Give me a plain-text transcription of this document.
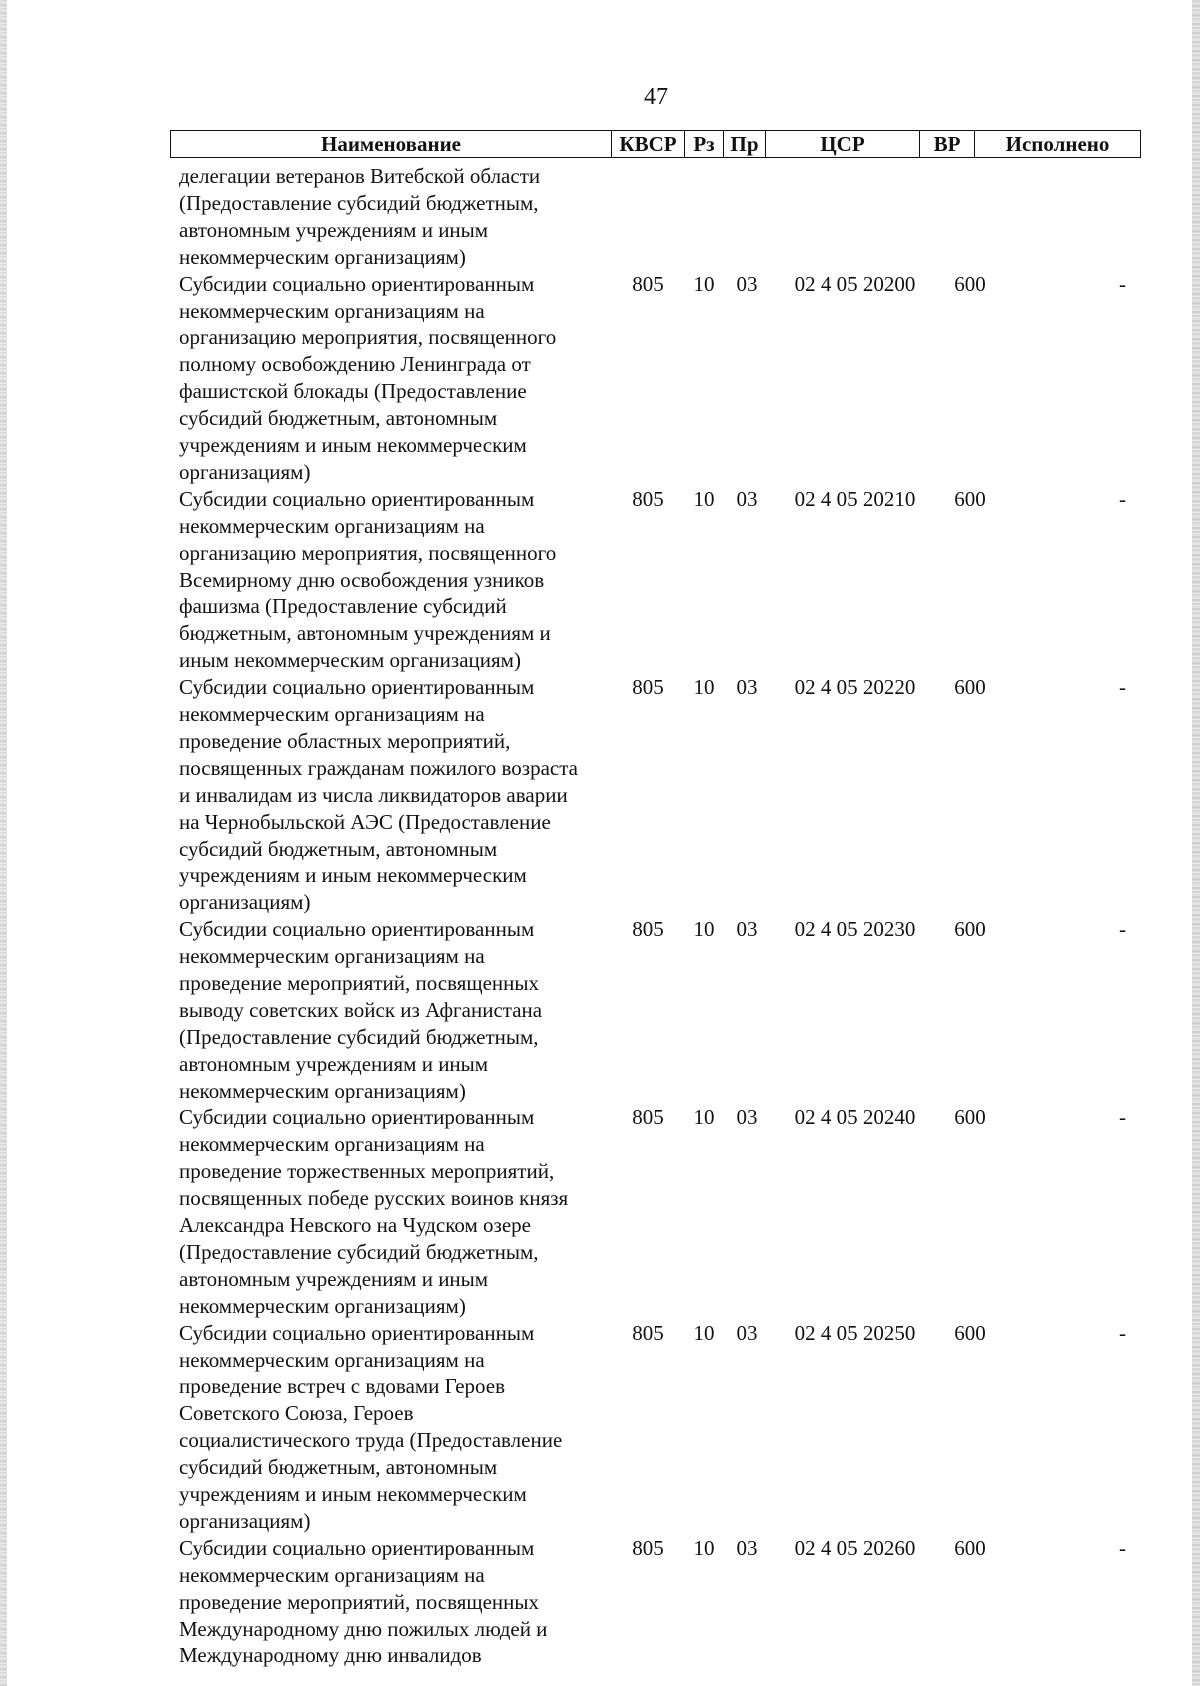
47
Наименование	КВСР Рз Пр	ЦСР	ВР	Исполнено
делегации ветеранов Витебской области
(Предоставление субсидий бюджетным,
автономным учреждениям и иным
некоммерческим организациям)
Субсидии социально ориентированным
некоммерческим организациям на
организацию мероприятия, посвященного
полному освобождению Ленинграда от
фашистской блокады (Предоставление
субсидий бюджетным, автономным
учреждениям и иным некоммерческим
организациям)
805 10 03	02 4 05 20200	600	-
Субсидии социально ориентированным
некоммерческим организациям на
организацию мероприятия, посвященного
Всемирному дню освобождения узников
фашизма (Предоставление субсидий
бюджетным, автономным учреждениям и
иным некоммерческим организациям)
805 10 03	02 4 05 20210	600	-
Субсидии социально ориентированным
некоммерческим организациям на
проведение областных мероприятий,
посвященных гражданам пожилого возраста
и инвалидам из числа ликвидаторов аварии
на Чернобыльской АЭС (Предоставление
субсидий бюджетным, автономным
учреждениям и иным некоммерческим
организациям)
805 10 03	02 4 05 20220	600	-
Субсидии социально ориентированным
некоммерческим организациям на
проведение мероприятий, посвященных
выводу советских войск из Афганистана
(Предоставление субсидий бюджетным,
автономным учреждениям и иным
некоммерческим организациям)
805 10 03	02 4 05 20230	600	-
Субсидии социально ориентированным
некоммерческим организациям на
проведение торжественных мероприятий,
посвященных победе русских воинов князя
Александра Невского на Чудском озере
(Предоставление субсидий бюджетным,
автономным учреждениям и иным
некоммерческим организациям)
805 10 03	02 4 05 20240	600	-
Субсидии социально ориентированным
некоммерческим организациям на
проведение встреч с вдовами Героев
Советского Союза, Героев
социалистического труда (Предоставление
субсидий бюджетным, автономным
учреждениям и иным некоммерческим
организациям)
805 10 03	02 4 05 20250	600	-
Субсидии социально ориентированным
некоммерческим организациям на
проведение мероприятий, посвященных
Международному дню пожилых людей и
Международному дню инвалидов
805 10 03	02 4 05 20260	600	-
